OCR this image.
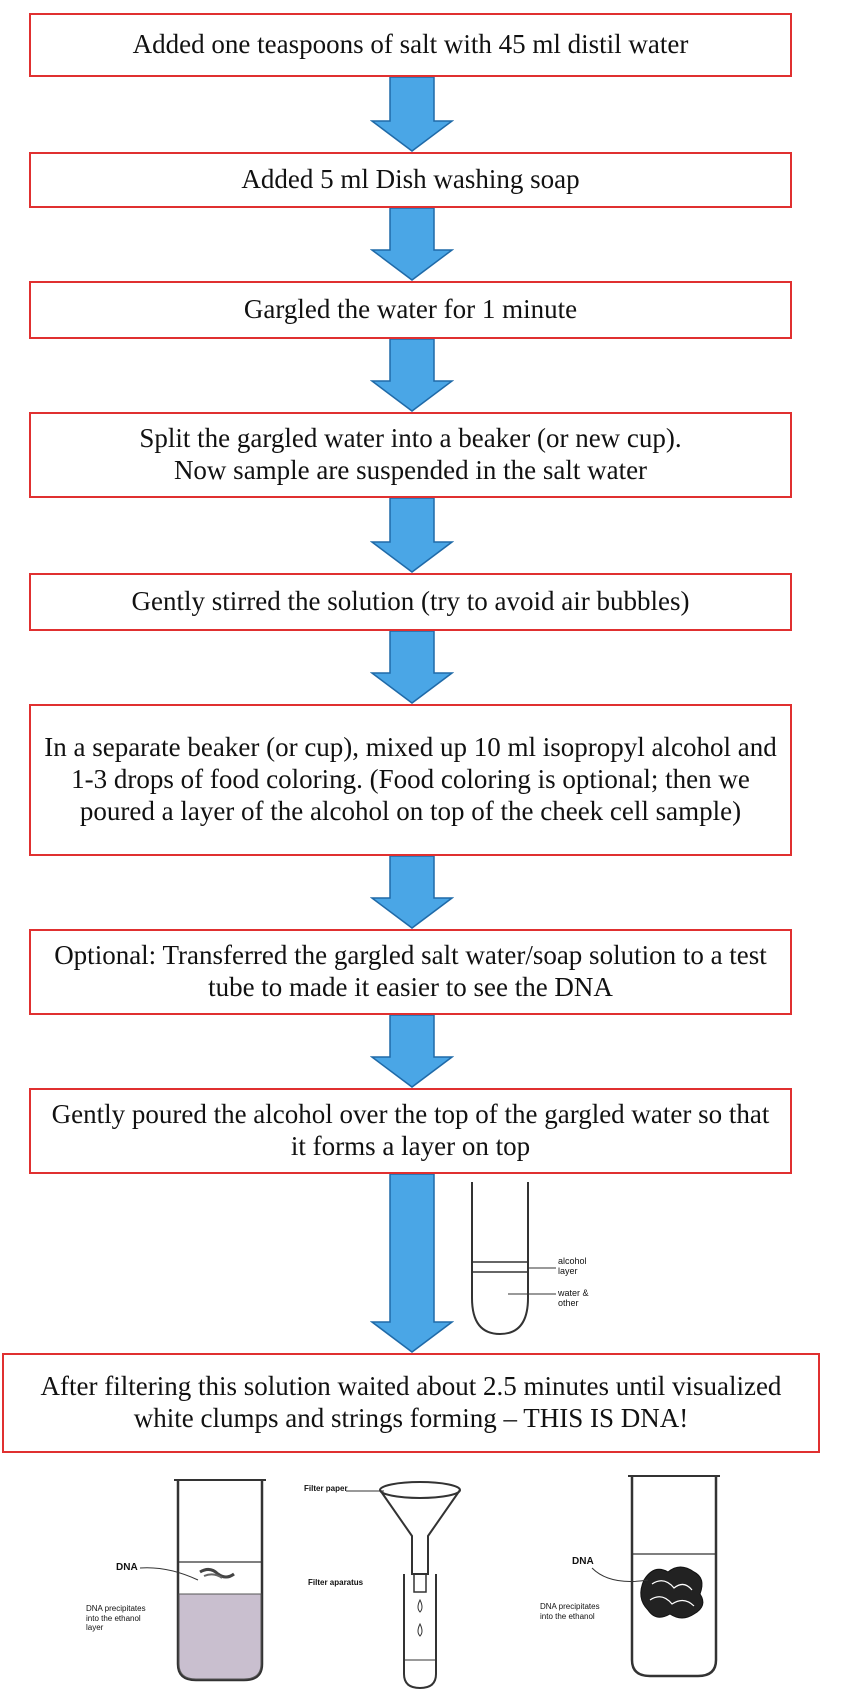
Added one teaspoons of salt with 45 ml distil water
Added 5 ml Dish washing soap
Gargled the water for 1 minute
Split the gargled water into a beaker (or new cup).
Now sample are suspended in the salt water
Gently stirred the solution (try to avoid air bubbles)
In a separate beaker (or cup), mixed up 10 ml isopropyl alcohol and 1-3 drops of food coloring. (Food coloring is optional; then we poured a layer of the alcohol on top of the cheek cell sample)
Optional: Transferred the gargled salt water/soap solution to a test tube to made it easier to see the DNA
Gently poured the alcohol over the top of the gargled water so that it forms a layer on top
After filtering this solution waited about 2.5 minutes until visualized white clumps and strings forming – THIS IS DNA!
alcohol layer
water & other
DNA
DNA precipitates into the ethanol layer
Filter paper
Filter aparatus
DNA
DNA precipitates into the ethanol
